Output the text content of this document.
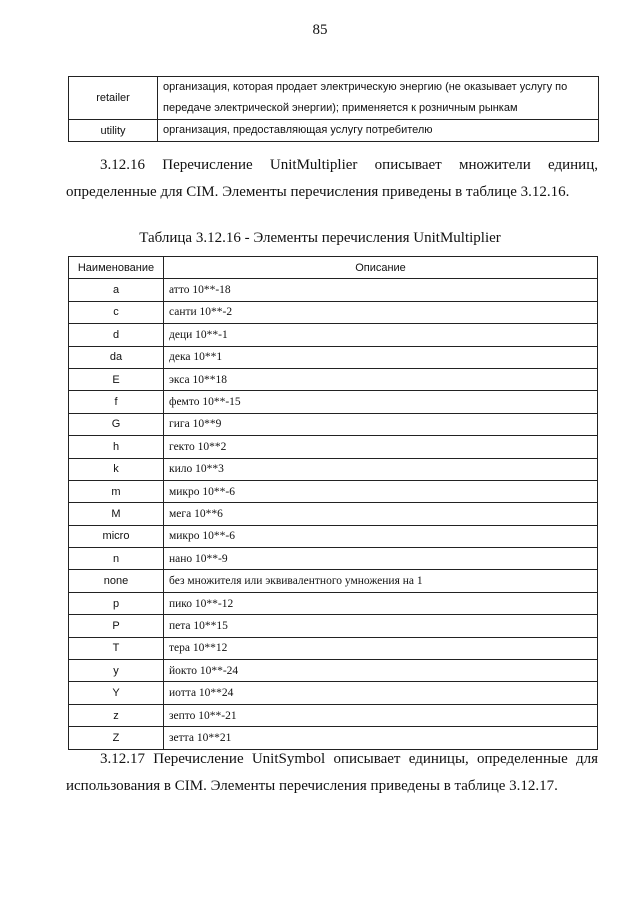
85
retailer	организация, которая продает электрическую энергию (не оказывает услугу по
передаче электрической энергии); применяется к розничным рынкам

utility	организация, предоставляющая услугу потребителю
3.12.16 Перечисление UnitMultiplier описывает множители единиц, определенные для CIM. Элементы перечисления приведены в таблице 3.12.16.
Таблица 3.12.16 - Элементы перечисления UnitMultiplier
Наименование	Описание
a	атто 10**-18
c	санти 10**-2
d	деци 10**-1
da	дека 10**1
E	экса 10**18
f	фемто 10**-15
G	гига 10**9
h	гекто 10**2
k	кило 10**3
m	микро 10**-6
M	мега 10**6
micro	микро 10**-6
n	нано 10**-9
none	без множителя или эквивалентного умножения на 1
p	пико 10**-12
P	пета 10**15
T	тера 10**12
y	йокто 10**-24
Y	иотта 10**24
z	зепто 10**-21
Z	зетта 10**21
3.12.17 Перечисление UnitSymbol описывает единицы, определенные для использования в CIM. Элементы перечисления приведены в таблице 3.12.17.
